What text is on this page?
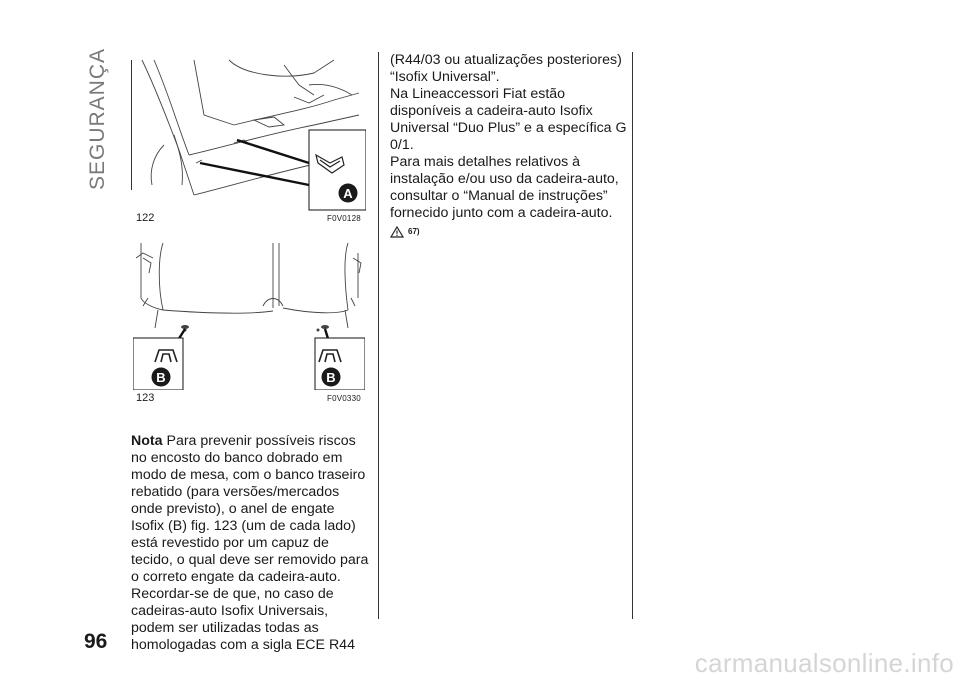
SEGURANÇA
A
122	F0V0128
B	B
123	F0V0330

Nota Para prevenir possíveis riscos no encosto do banco dobrado em modo de mesa, com o banco traseiro rebatido (para versões/mercados onde previsto), o anel de engate Isofix (B) fig. 123 (um de cada lado) está revestido por um capuz de tecido, o qual deve ser removido para o correto engate da cadeira-auto. Recordar-se de que, no caso de cadeiras-auto Isofix Universais, podem ser utilizadas todas as homologadas com a sigla ECE R44

(R44/03 ou atualizações posteriores) “Isofix Universal”.

Na Lineaccessori Fiat estão disponíveis a cadeira-auto Isofix Universal “Duo Plus” e a específica G 0/1.

Para mais detalhes relativos à instalação e/ou uso da cadeira-auto, consultar o “Manual de instruções” fornecido junto com a cadeira-auto.

67)
96
carmanualsonline.info
